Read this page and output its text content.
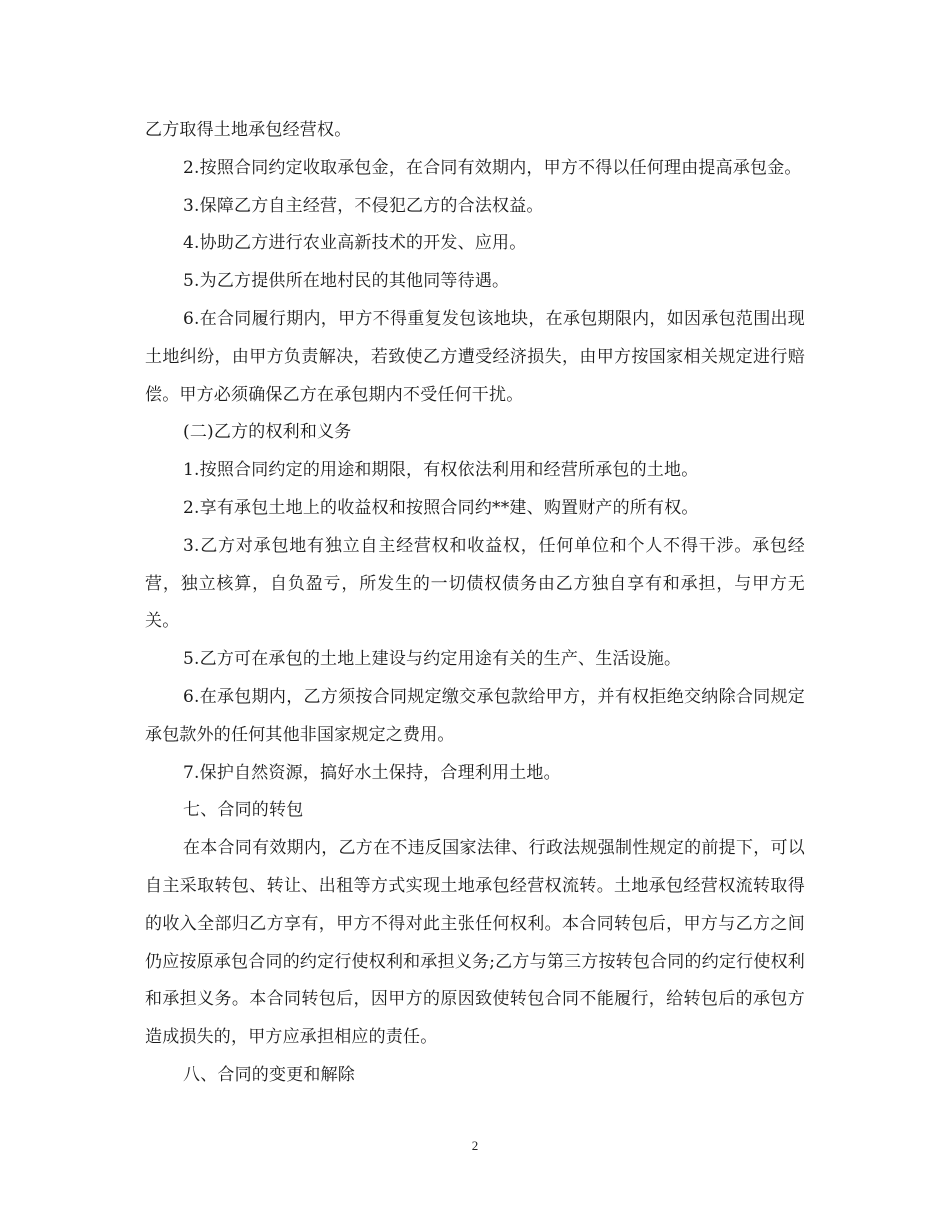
乙方取得土地承包经营权。

2.按照合同约定收取承包金，在合同有效期内，甲方不得以任何理由提高承包金。

3.保障乙方自主经营，不侵犯乙方的合法权益。

4.协助乙方进行农业高新技术的开发、应用。

5.为乙方提供所在地村民的其他同等待遇。

6.在合同履行期内，甲方不得重复发包该地块，在承包期限内，如因承包范围出现土地纠纷，由甲方负责解决，若致使乙方遭受经济损失，由甲方按国家相关规定进行赔偿。甲方必须确保乙方在承包期内不受任何干扰。

(二)乙方的权利和义务

1.按照合同约定的用途和期限，有权依法利用和经营所承包的土地。

2.享有承包土地上的收益权和按照合同约**建、购置财产的所有权。

3.乙方对承包地有独立自主经营权和收益权，任何单位和个人不得干涉。承包经营，独立核算，自负盈亏，所发生的一切债权债务由乙方独自享有和承担，与甲方无关。

5.乙方可在承包的土地上建设与约定用途有关的生产、生活设施。

6.在承包期内，乙方须按合同规定缴交承包款给甲方，并有权拒绝交纳除合同规定承包款外的任何其他非国家规定之费用。

7.保护自然资源，搞好水土保持，合理利用土地。

七、合同的转包

在本合同有效期内，乙方在不违反国家法律、行政法规强制性规定的前提下，可以自主采取转包、转让、出租等方式实现土地承包经营权流转。土地承包经营权流转取得的收入全部归乙方享有，甲方不得对此主张任何权利。本合同转包后，甲方与乙方之间仍应按原承包合同的约定行使权利和承担义务;乙方与第三方按转包合同的约定行使权利和承担义务。本合同转包后，因甲方的原因致使转包合同不能履行，给转包后的承包方造成损失的，甲方应承担相应的责任。

八、合同的变更和解除

2
